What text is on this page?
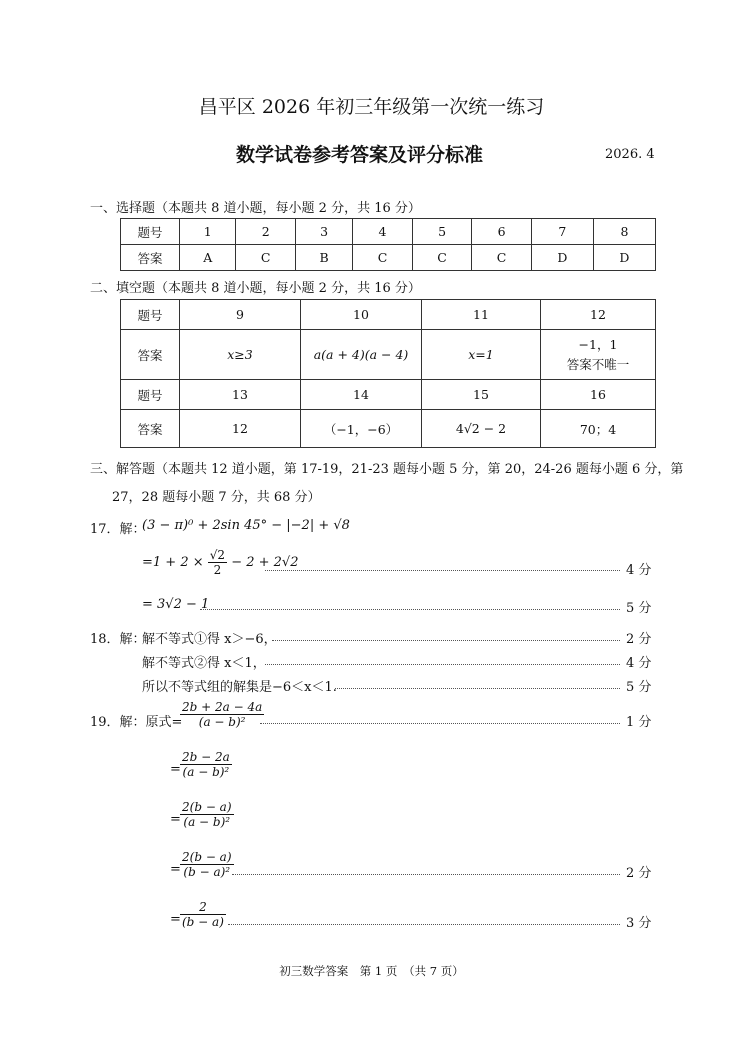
昌平区 2026 年初三年级第一次统一练习
数学试卷参考答案及评分标准	2026. 4
一、选择题（本题共 8 道小题，每小题 2 分，共 16 分）
题号	1	2	3	4	5	6	7	8
答案	A	C	B	C	C	C	D	D
二、填空题（本题共 8 道小题，每小题 2 分，共 16 分）
题号	9	10	11	12
答案	x≥3	a(a + 4)(a − 4)	x=1	−1，1
答案不唯一

题号	13	14	15	16
答案	12	（−1，−6）	4√2 − 2	70；4
三、解答题（本题共 12 道小题，第 17-19，21-23 题每小题 5 分，第 20，24-26 题每小题 6 分，第
27，28 题每小题 7 分，共 68 分）
17．解：
(3 − π)⁰ + 2sin 45° − |−2| + √8
$=1 + 2 \times \frac{√2}{2} - 2 + 2√2$
4 分
= 3√2 − 1	5 分
18．解：
解不等式①得 x＞−6，	2 分
解不等式②得 x＜1，	4 分
所以不等式组的解集是−6＜x＜1.	5 分
19．解：原式=
$\frac{2b + 2a - 4a}{\text{(a − b)²}}$	1 分
= $\frac{2b - 2a}{\text{(a − b)²}}$
= $\frac{2(b - a)}{\text{(a − b)²}}$
= $\frac{2(b - a)}{\text{(b − a)²}}$	2 分
= $\frac{2}{(b - a)}$	3 分
初三数学答案　第 1 页　（共 7 页）
